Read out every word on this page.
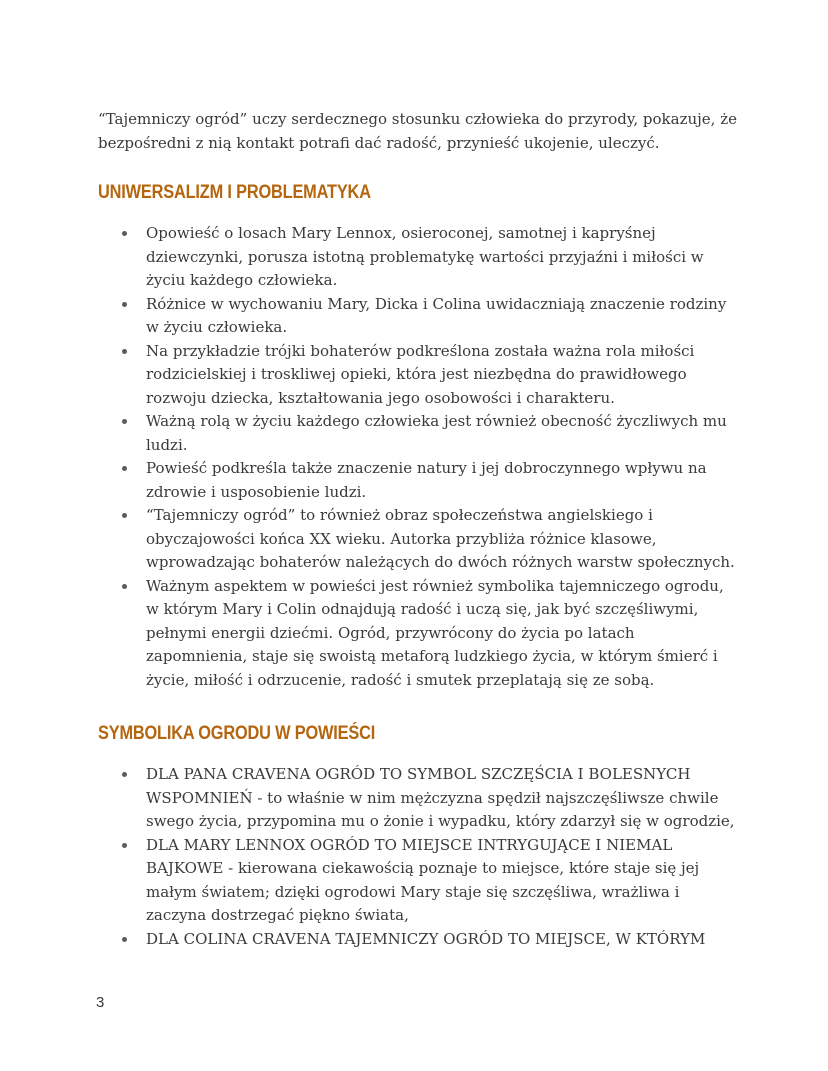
“Tajemniczy ogród” uczy serdecznego stosunku człowieka do przyrody, pokazuje, że bezpośredni z nią kontakt potrafi dać radość, przynieść ukojenie, uleczyć.

UNIWERSALIZM I PROBLEMATYKA
Opowieść o losach Mary Lennox, osieroconej, samotnej i kapryśnej dziewczynki, porusza istotną problematykę wartości przyjaźni i miłości w życiu każdego człowieka.
Różnice w wychowaniu Mary, Dicka i Colina uwidaczniają znaczenie rodziny w życiu człowieka.
Na przykładzie trójki bohaterów podkreślona została ważna rola miłości rodzicielskiej i troskliwej opieki, która jest niezbędna do prawidłowego rozwoju dziecka, kształtowania jego osobowości i charakteru.
Ważną rolą w życiu każdego człowieka jest również obecność życzliwych mu ludzi.
Powieść podkreśla także znaczenie natury i jej dobroczynnego wpływu na zdrowie i usposobienie ludzi.
“Tajemniczy ogród” to również obraz społeczeństwa angielskiego i obyczajowości końca XX wieku. Autorka przybliża różnice klasowe, wprowadzając bohaterów należących do dwóch różnych warstw społecznych.
Ważnym aspektem w powieści jest również symbolika tajemniczego ogrodu, w którym Mary i Colin odnajdują radość i uczą się, jak być szczęśliwymi, pełnymi energii dziećmi. Ogród, przywrócony do życia po latach zapomnienia, staje się swoistą metaforą ludzkiego życia, w którym śmierć i życie, miłość i odrzucenie, radość i smutek przeplatają się ze sobą.
SYMBOLIKA OGRODU W POWIEŚCI
DLA PANA CRAVENA OGRÓD TO SYMBOL SZCZĘŚCIA I BOLESNYCH WSPOMNIEŃ - to właśnie w nim mężczyzna spędził najszczęśliwsze chwile swego życia, przypomina mu o żonie i wypadku, który zdarzył się w ogrodzie,
DLA MARY LENNOX OGRÓD TO MIEJSCE INTRYGUJĄCE I NIEMAL BAJKOWE - kierowana ciekawością poznaje to miejsce, które staje się jej małym światem; dzięki ogrodowi Mary staje się szczęśliwa, wrażliwa i zaczyna dostrzegać piękno świata,
DLA COLINA CRAVENA TAJEMNICZY OGRÓD TO MIEJSCE, W KTÓRYM
3
